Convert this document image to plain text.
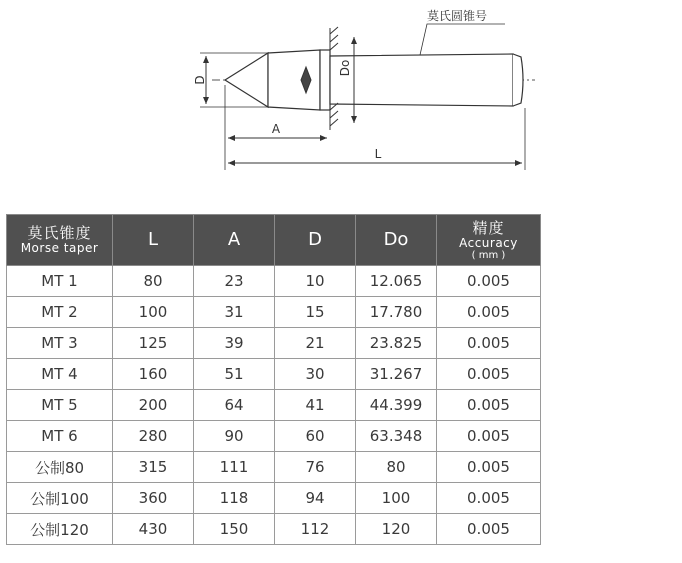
D
Do
A
L
莫氏圆锥号
莫氏锥度
Morse taper	L	A	D	Do	精度
Accuracy
( mm )

MT 1	80	23	10	12.065	0.005
MT 2	100	31	15	17.780	0.005
MT 3	125	39	21	23.825	0.005
MT 4	160	51	30	31.267	0.005
MT 5	200	64	41	44.399	0.005
MT 6	280	90	60	63.348	0.005
公制80	315	111	76	80	0.005
公制100	360	118	94	100	0.005
公制120	430	150	112	120	0.005
